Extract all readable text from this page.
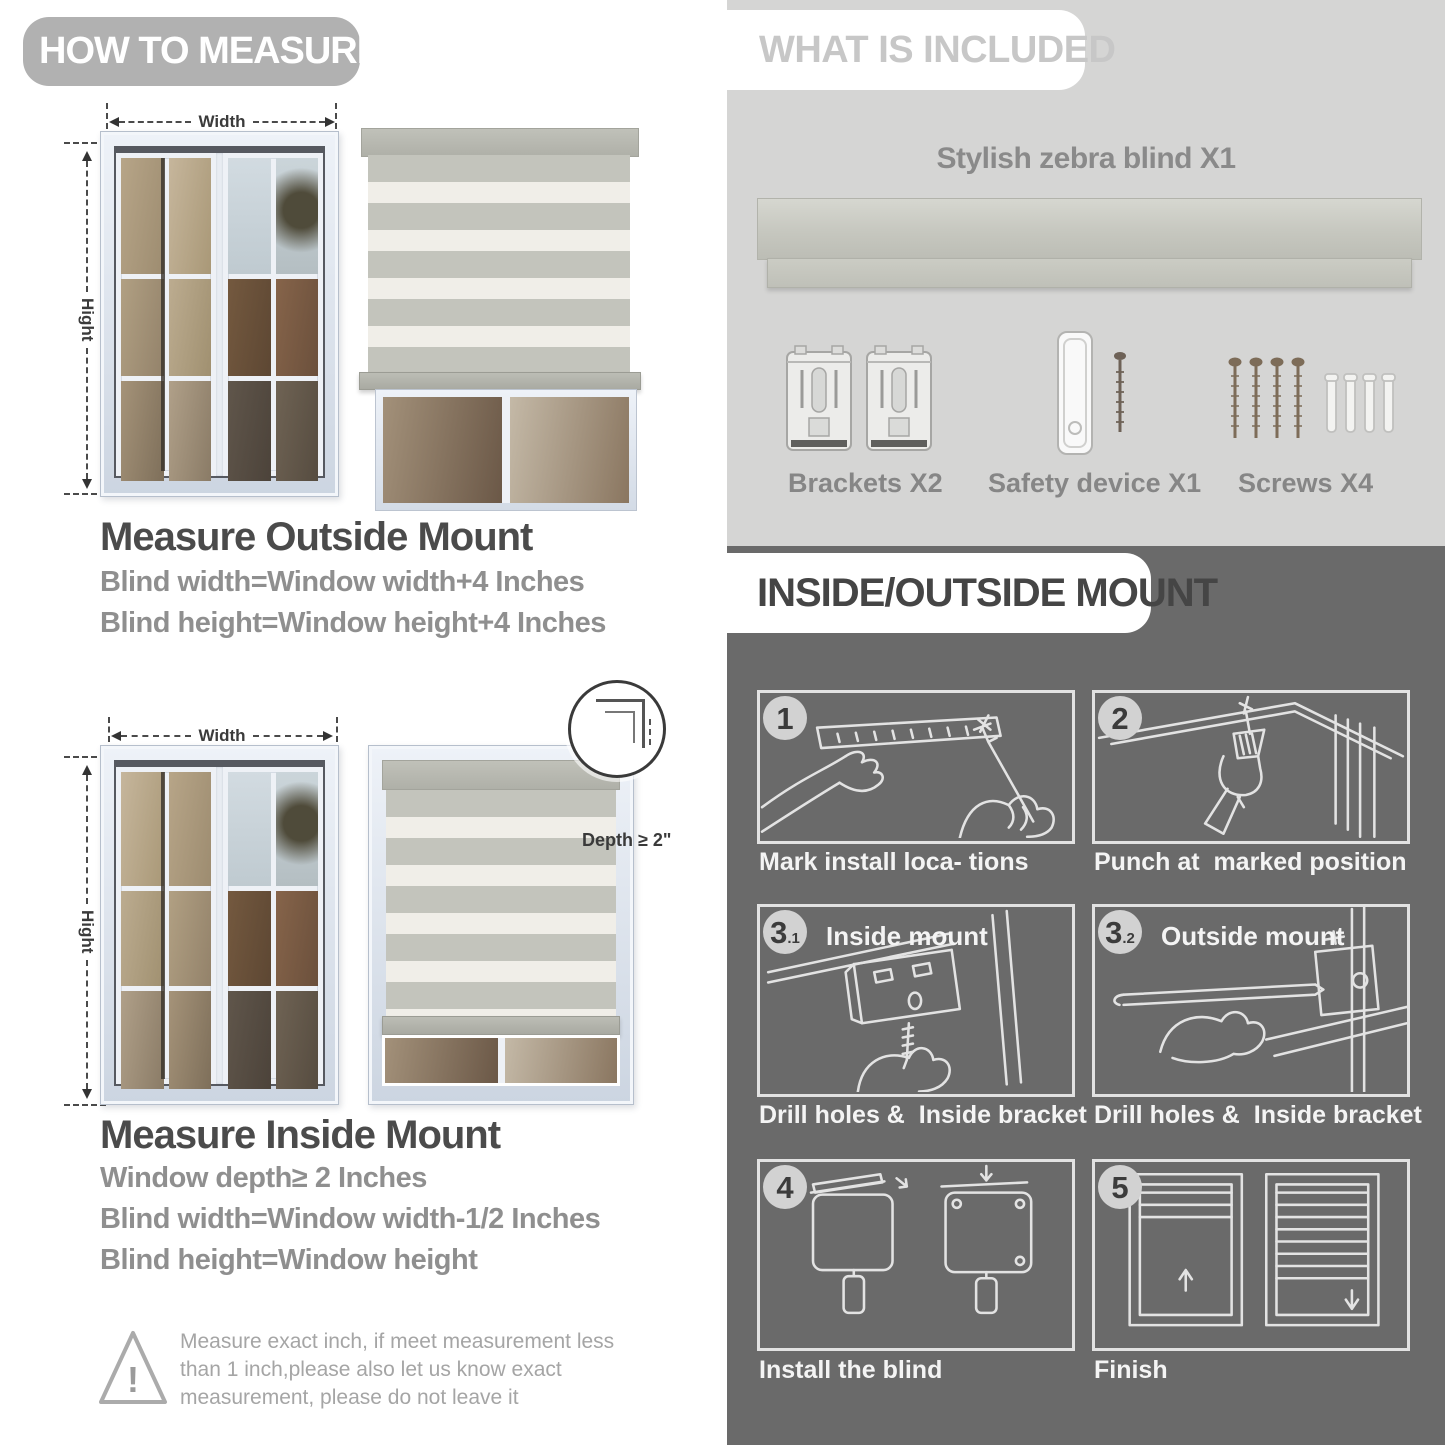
HOW TO MEASURE
Width
Hight
Measure Outside Mount
Blind width=Window width+4 Inches
Blind height=Window height+4 Inches
Width
Hight
Depth ≥ 2"
Measure Inside Mount
Window depth≥ 2 Inches
Blind width=Window width-1/2 Inches
Blind height=Window height
!
Measure exact inch, if meet measurement less
than 1 inch,please also let us know exact
measurement, please do not leave it
WHAT IS INCLUDED
Stylish zebra blind X1
Brackets X2 Safety device X1 Screws X4
INSIDE/OUTSIDE MOUNT
1
Mark install loca- tions
2
Punch at  marked position
3 .1 Inside mount
Drill holes &  Inside bracket
3 .2 Outside mount
Drill holes &  Inside bracket
4
Install the blind
5
Finish
